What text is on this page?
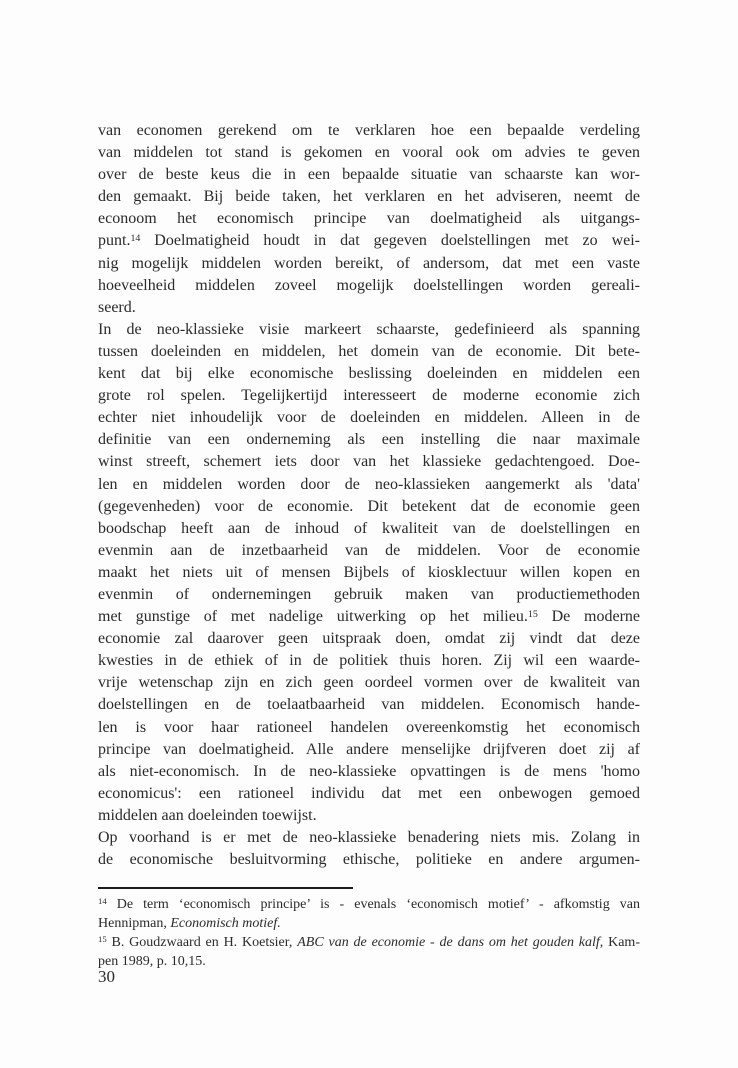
van economen gerekend om te verklaren hoe een bepaalde verdeling
van middelen tot stand is gekomen en vooral ook om advies te geven
over de beste keus die in een bepaalde situatie van schaarste kan wor-
den gemaakt. Bij beide taken, het verklaren en het adviseren, neemt de
econoom het economisch principe van doelmatigheid als uitgangs-
punt.$^{14}$ Doelmatigheid houdt in dat gegeven doelstellingen met zo wei-
nig mogelijk middelen worden bereikt, of andersom, dat met een vaste
hoeveelheid middelen zoveel mogelijk doelstellingen worden gereali-
seerd.
In de neo-klassieke visie markeert schaarste, gedefinieerd als spanning
tussen doeleinden en middelen, het domein van de economie. Dit bete-
kent dat bij elke economische beslissing doeleinden en middelen een
grote rol spelen. Tegelijkertijd interesseert de moderne economie zich
echter niet inhoudelijk voor de doeleinden en middelen. Alleen in de
definitie van een onderneming als een instelling die naar maximale
winst streeft, schemert iets door van het klassieke gedachtengoed. Doe-
len en middelen worden door de neo-klassieken aangemerkt als 'data'
(gegevenheden) voor de economie. Dit betekent dat de economie geen
boodschap heeft aan de inhoud of kwaliteit van de doelstellingen en
evenmin aan de inzetbaarheid van de middelen. Voor de economie
maakt het niets uit of mensen Bijbels of kiosklectuur willen kopen en
evenmin of ondernemingen gebruik maken van productiemethoden
met gunstige of met nadelige uitwerking op het milieu.$^{15}$ De moderne
economie zal daarover geen uitspraak doen, omdat zij vindt dat deze
kwesties in de ethiek of in de politiek thuis horen. Zij wil een waarde-
vrije wetenschap zijn en zich geen oordeel vormen over de kwaliteit van
doelstellingen en de toelaatbaarheid van middelen. Economisch hande-
len is voor haar rationeel handelen overeenkomstig het economisch
principe van doelmatigheid. Alle andere menselijke drijfveren doet zij af
als niet-economisch. In de neo-klassieke opvattingen is de mens 'homo
economicus': een rationeel individu dat met een onbewogen gemoed
middelen aan doeleinden toewijst.
Op voorhand is er met de neo-klassieke benadering niets mis. Zolang in
de economische besluitvorming ethische, politieke en andere argumen-
$^{14}$ De term ‘economisch principe’ is - evenals ‘economisch motief’ - afkomstig van
Hennipman, Economisch motief.
$^{15}$ B. Goudzwaard en H. Koetsier, ABC van de economie - de dans om het gouden kalf, Kam-
pen 1989, p. 10,15.
30
